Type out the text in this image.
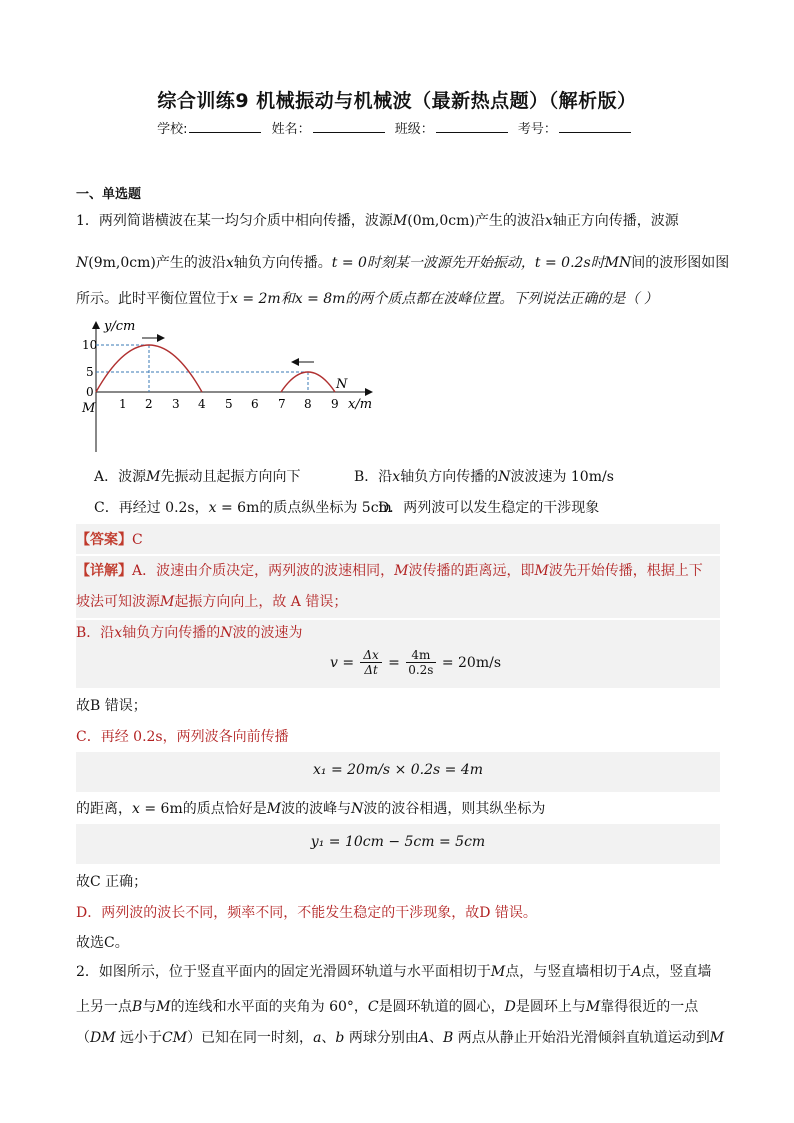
综合训练9 机械振动与机械波（最新热点题）（解析版）
学校:	姓名：	班级：	考号：
一、单选题
1．两列简谐横波在某一均匀介质中相向传播，波源M(0m,0cm)产生的波沿x轴正方向传播，波源
N(9m,0cm)产生的波沿x轴负方向传播。t = 0时刻某一波源先开始振动，t = 0.2s时MN间的波形图如图
所示。此时平衡位置位于x = 2m和x = 8m的两个质点都在波峰位置。下列说法正确的是（ ）
y/cm
x/m
10
5
0
1 2 3 4 5 6 7 8 9
M
N
A．波源M先振动且起振方向向下	B．沿x轴负方向传播的N波波速为 10m/s
C．再经过 0.2s，x = 6m的质点纵坐标为 5cm
D．两列波可以发生稳定的干涉现象
【答案】C
【详解】A．波速由介质决定，两列波的波速相同，M波传播的距离远，即M波先开始传播，根据上下
坡法可知波源M起振方向向上，故 A 错误；
B．沿x轴负方向传播的N波的波速为
v = Δx
Δt = 4m
0.2s = 20m/s
故B 错误；
C．再经 0.2s，两列波各向前传播
x₁ = 20m/s × 0.2s = 4m
的距离，x = 6m的质点恰好是M波的波峰与N波的波谷相遇，则其纵坐标为
y₁ = 10cm − 5cm = 5cm
故C 正确；
D．两列波的波长不同，频率不同，不能发生稳定的干涉现象，故D 错误。
故选C。
2．如图所示，位于竖直平面内的固定光滑圆环轨道与水平面相切于M点，与竖直墙相切于A点，竖直墙
上另一点B与M的连线和水平面的夹角为 60°，C是圆环轨道的圆心，D是圆环上与M靠得很近的一点
（DM 远小于CM）已知在同一时刻，a、b 两球分别由A、B 两点从静止开始沿光滑倾斜直轨道运动到M
